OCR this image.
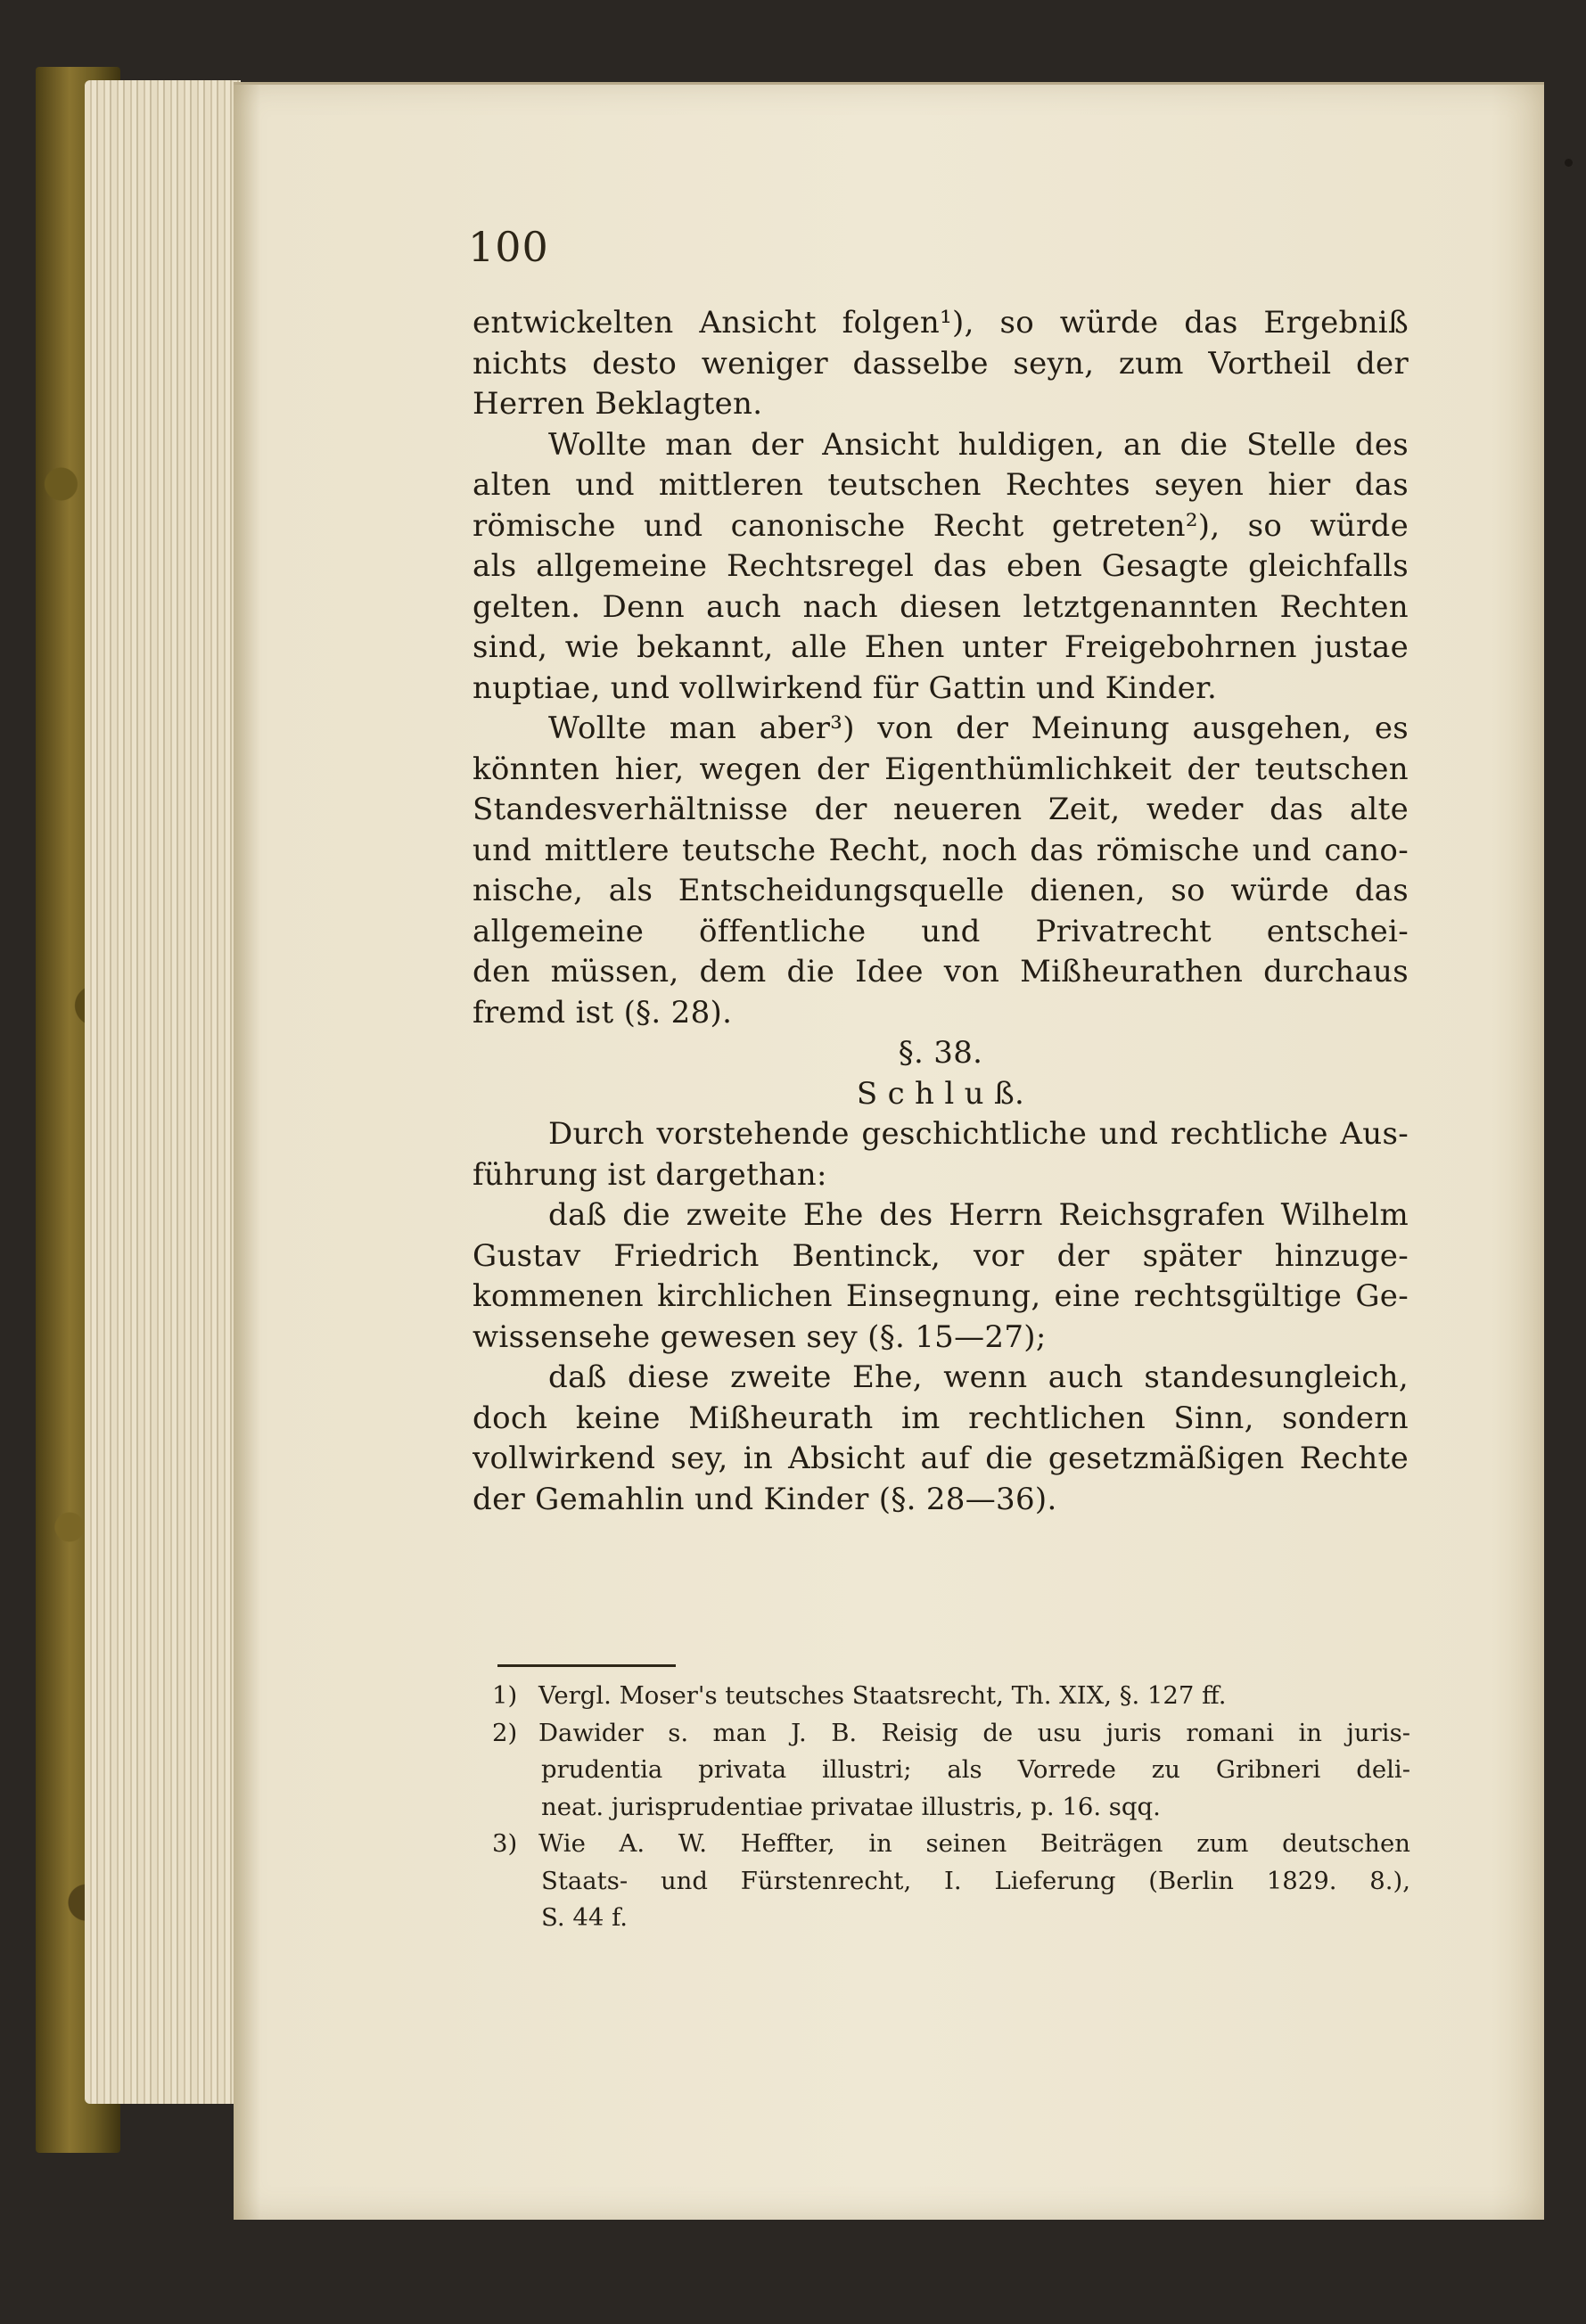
100
entwickelten Ansicht folgen¹), so würde das Ergebniß
nichts desto weniger dasselbe seyn, zum Vortheil der
Herren Beklagten.
Wollte man der Ansicht huldigen, an die Stelle des
alten und mittleren teutschen Rechtes seyen hier das
römische und canonische Recht getreten²), so würde
als allgemeine Rechtsregel das eben Gesagte gleichfalls
gelten. Denn auch nach diesen letztgenannten Rechten
sind, wie bekannt, alle Ehen unter Freigebohrnen justae
nuptiae, und vollwirkend für Gattin und Kinder.
Wollte man aber³) von der Meinung ausgehen, es
könnten hier, wegen der Eigenthümlichkeit der teutschen
Standesverhältnisse der neueren Zeit, weder das alte
und mittlere teutsche Recht, noch das römische und cano-
nische, als Entscheidungsquelle dienen, so würde das
allgemeine öffentliche und Privatrecht entschei-
den müssen, dem die Idee von Mißheurathen durchaus
fremd ist (§. 28).
§. 38.
S c h l u ß.
Durch vorstehende geschichtliche und rechtliche Aus-
führung ist dargethan:
daß die zweite Ehe des Herrn Reichsgrafen Wilhelm
Gustav Friedrich Bentinck, vor der später hinzuge-
kommenen kirchlichen Einsegnung, eine rechtsgültige Ge-
wissensehe gewesen sey (§. 15—27);
daß diese zweite Ehe, wenn auch standesungleich,
doch keine Mißheurath im rechtlichen Sinn, sondern
vollwirkend sey, in Absicht auf die gesetzmäßigen Rechte
der Gemahlin und Kinder (§. 28—36).
1) Vergl. Moser's teutsches Staatsrecht, Th. XIX, §. 127 ff.
2) Dawider s. man J. B. Reisig de usu juris romani in juris-
prudentia privata illustri; als Vorrede zu Gribneri deli-
neat. jurisprudentiae privatae illustris, p. 16. sqq.
3) Wie A. W. Heffter, in seinen Beiträgen zum deutschen
Staats- und Fürstenrecht, I. Lieferung (Berlin 1829. 8.),
S. 44 f.
